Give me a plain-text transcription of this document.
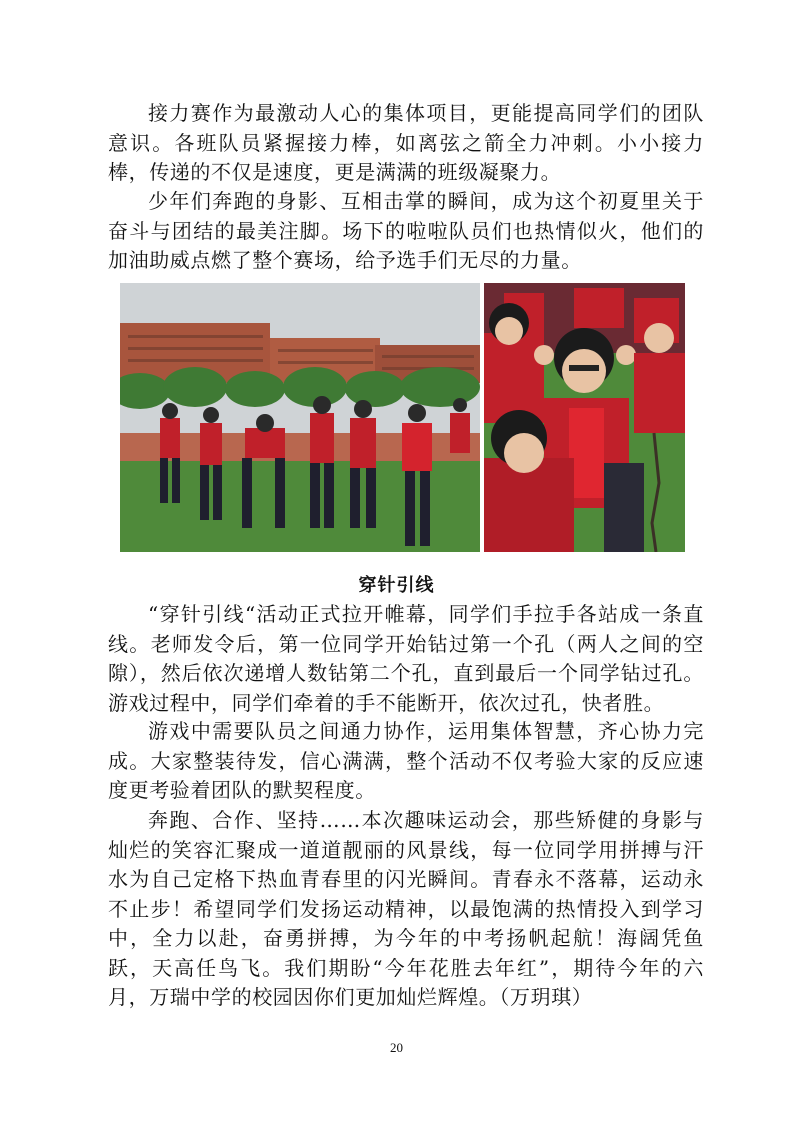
接力赛作为最激动人心的集体项目，更能提高同学们的团队意识。各班队员紧握接力棒，如离弦之箭全力冲刺。小小接力棒，传递的不仅是速度，更是满满的班级凝聚力。

少年们奔跑的身影、互相击掌的瞬间，成为这个初夏里关于奋斗与团结的最美注脚。场下的啦啦队员们也热情似火，他们的加油助威点燃了整个赛场，给予选手们无尽的力量。

穿针引线

“穿针引线“活动正式拉开帷幕，同学们手拉手各站成一条直线。老师发令后，第一位同学开始钻过第一个孔（两人之间的空隙），然后依次递增人数钻第二个孔，直到最后一个同学钻过孔。游戏过程中，同学们牵着的手不能断开，依次过孔，快者胜。

游戏中需要队员之间通力协作，运用集体智慧，齐心协力完成。大家整装待发，信心满满，整个活动不仅考验大家的反应速度更考验着团队的默契程度。

奔跑、合作、坚持……本次趣味运动会，那些矫健的身影与灿烂的笑容汇聚成一道道靓丽的风景线，每一位同学用拼搏与汗水为自己定格下热血青春里的闪光瞬间。青春永不落幕，运动永不止步！希望同学们发扬运动精神，以最饱满的热情投入到学习中，全力以赴，奋勇拼搏，为今年的中考扬帆起航！海阔凭鱼跃，天高任鸟飞。我们期盼“今年花胜去年红”，期待今年的六月，万瑞中学的校园因你们更加灿烂辉煌。（万玥琪）

20
